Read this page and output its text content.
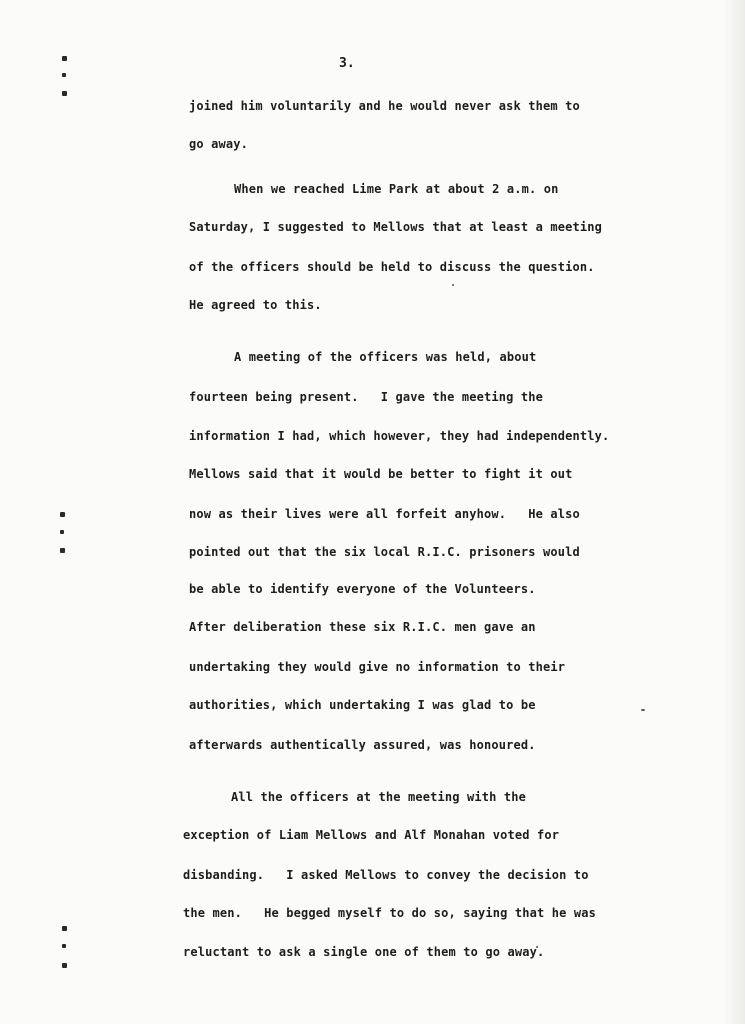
3.
joined him voluntarily and he would never ask them to
go away.
When we reached Lime Park at about 2 a.m. on
Saturday, I suggested to Mellows that at least a meeting
of the officers should be held to discuss the question.
He agreed to this.
A meeting of the officers was held, about
fourteen being present.   I gave the meeting the
information I had, which however, they had independently.
Mellows said that it would be better to fight it out
now as their lives were all forfeit anyhow.   He also
pointed out that the six local R.I.C. prisoners would
be able to identify everyone of the Volunteers.
After deliberation these six R.I.C. men gave an
undertaking they would give no information to their
authorities, which undertaking I was glad to be
afterwards authentically assured, was honoured.
All the officers at the meeting with the
exception of Liam Mellows and Alf Monahan voted for
disbanding.   I asked Mellows to convey the decision to
the men.   He begged myself to do so, saying that he was
reluctant to ask a single one of them to go away.
